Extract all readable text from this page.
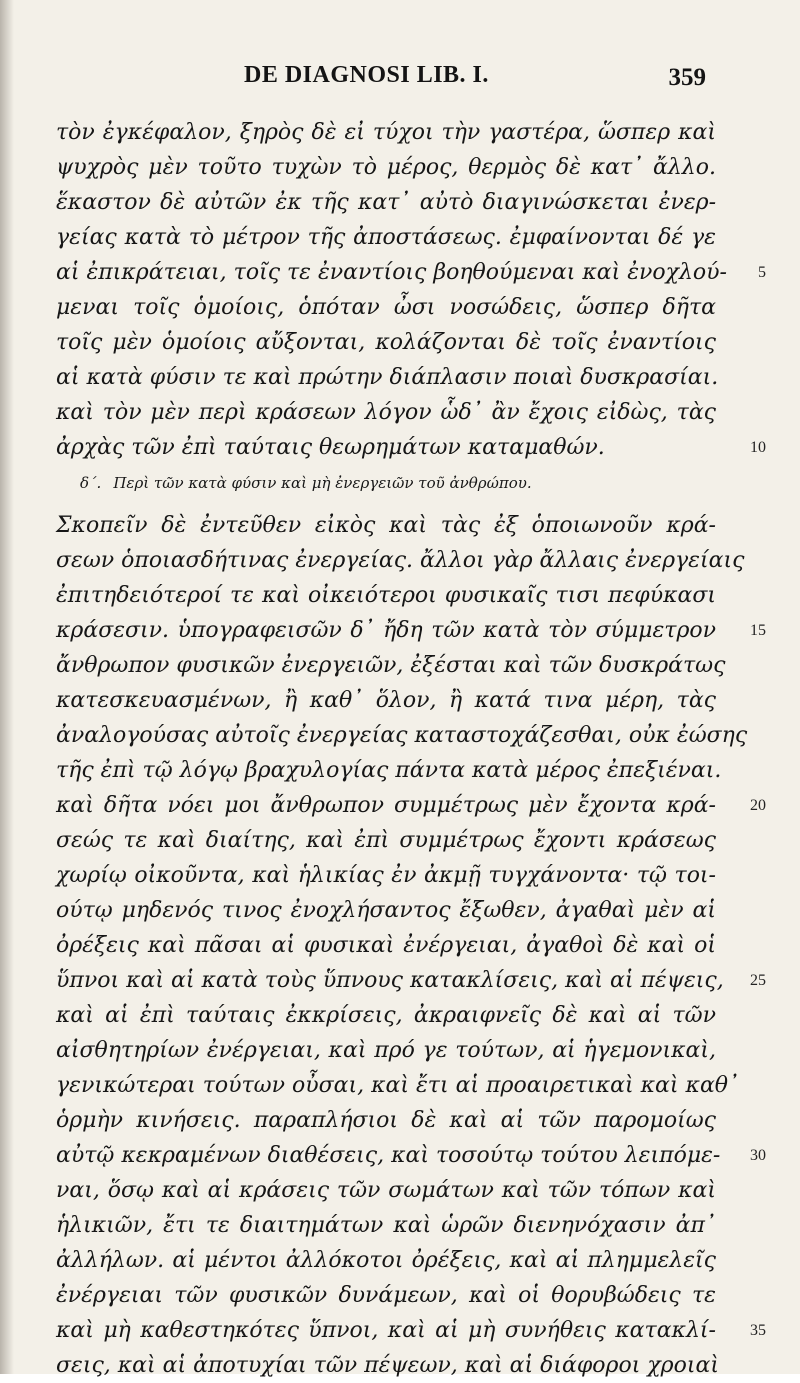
DE DIAGNOSI LIB. I.	359
τὸν ἐγκέφαλον, ξηρὸς δὲ εἰ τύχοι τὴν γαστέρα, ὥσπερ καὶ
ψυχρὸς μὲν τοῦτο τυχὼν τὸ μέρος, θερμὸς δὲ κατ᾽ ἄλλο.
ἕκαστον δὲ αὐτῶν ἐκ τῆς κατ᾽ αὐτὸ διαγινώσκεται ἐνερ-
γείας κατὰ τὸ μέτρον τῆς ἀποστάσεως. ἐμφαίνονται δέ γε
αἱ ἐπικράτειαι, τοῖς τε ἐναντίοις βοηθούμεναι καὶ ἐνοχλού- 5
μεναι τοῖς ὁμοίοις, ὁπόταν ὦσι νοσώδεις, ὥσπερ δῆτα
τοῖς μὲν ὁμοίοις αὔξονται, κολάζονται δὲ τοῖς ἐναντίοις
αἱ κατὰ φύσιν τε καὶ πρώτην διάπλασιν ποιαὶ δυσκρασίαι.
καὶ τὸν μὲν περὶ κράσεων λόγον ὧδ᾽ ἂν ἔχοις εἰδὼς, τὰς
ἀρχὰς τῶν ἐπὶ ταύταις θεωρημάτων καταμαθών.	10
δ΄. Περὶ τῶν κατὰ φύσιν καὶ μὴ ἐνεργειῶν τοῦ ἀνθρώπου.
Σκοπεῖν δὲ ἐντεῦθεν εἰκὸς καὶ τὰς ἐξ ὁποιωνοῦν κρά-
σεων ὁποιασδήτινας ἐνεργείας. ἄλλοι γὰρ ἄλλαις ἐνεργείαις
ἐπιτηδειότεροί τε καὶ οἰκειότεροι φυσικαῖς τισι πεφύκασι
κράσεσιν. ὑπογραφεισῶν δ᾽ ἤδη τῶν κατὰ τὸν σύμμετρον 15
ἄνθρωπον φυσικῶν ἐνεργειῶν, ἐξέσται καὶ τῶν δυσκράτως
κατεσκευασμένων, ἢ καθ᾽ ὅλον, ἢ κατά τινα μέρη, τὰς
ἀναλογούσας αὐτοῖς ἐνεργείας καταστοχάζεσθαι, οὐκ ἐώσης
τῆς ἐπὶ τῷ λόγῳ βραχυλογίας πάντα κατὰ μέρος ἐπεξιέναι.
καὶ δῆτα νόει μοι ἄνθρωπον συμμέτρως μὲν ἔχοντα κρά- 20
σεώς τε καὶ διαίτης, καὶ ἐπὶ συμμέτρως ἔχοντι κράσεως
χωρίῳ οἰκοῦντα, καὶ ἡλικίας ἐν ἀκμῇ τυγχάνοντα· τῷ τοι-
ούτῳ μηδενός τινος ἐνοχλήσαντος ἔξωθεν, ἀγαθαὶ μὲν αἱ
ὀρέξεις καὶ πᾶσαι αἱ φυσικαὶ ἐνέργειαι, ἀγαθοὶ δὲ καὶ οἱ
ὕπνοι καὶ αἱ κατὰ τοὺς ὕπνους κατακλίσεις, καὶ αἱ πέψεις, 25
καὶ αἱ ἐπὶ ταύταις ἐκκρίσεις, ἀκραιφνεῖς δὲ καὶ αἱ τῶν
αἰσθητηρίων ἐνέργειαι, καὶ πρό γε τούτων, αἱ ἡγεμονικαὶ,
γενικώτεραι τούτων οὖσαι, καὶ ἔτι αἱ προαιρετικαὶ καὶ καθ᾽
ὁρμὴν κινήσεις. παραπλήσιοι δὲ καὶ αἱ τῶν παρομοίως
αὐτῷ κεκραμένων διαθέσεις, καὶ τοσούτῳ τούτου λειπόμε- 30
ναι, ὅσῳ καὶ αἱ κράσεις τῶν σωμάτων καὶ τῶν τόπων καὶ
ἡλικιῶν, ἔτι τε διαιτημάτων καὶ ὡρῶν διενηνόχασιν ἀπ᾽
ἀλλήλων. αἱ μέντοι ἀλλόκοτοι ὀρέξεις, καὶ αἱ πλημμελεῖς
ἐνέργειαι τῶν φυσικῶν δυνάμεων, καὶ οἱ θορυβώδεις τε
καὶ μὴ καθεστηκότες ὕπνοι, καὶ αἱ μὴ συνήθεις κατακλί- 35
σεις, καὶ αἱ ἀποτυχίαι τῶν πέψεων, καὶ αἱ διάφοροι χροιαὶ
